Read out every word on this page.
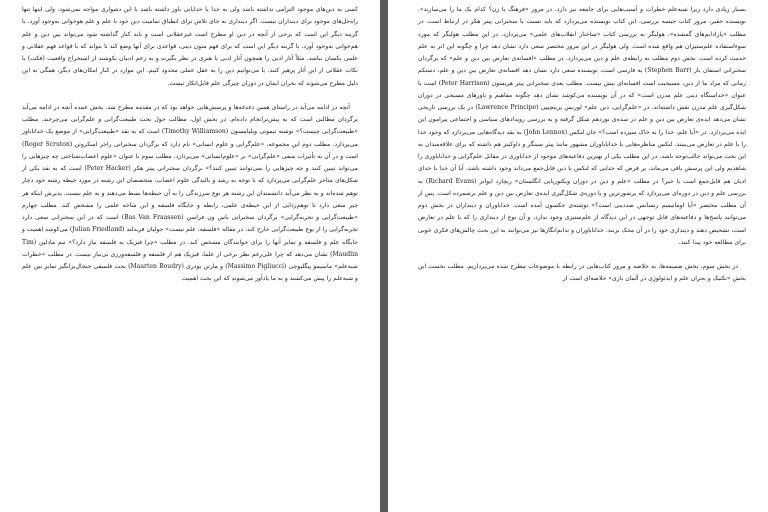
کسی به دین‌های موجود التزامی نداشته باشد ولی به خدا یا خدایانی باور داشته باشد با این دشواری مواجه نمی‌شود. ولی اینها تنها راه‌حل‌های موجود برای دینداران نیست. اگر دینداری به جای تلاش برای انطباق تمامیت دین خود با علم و علم هوخوانی به‌وجود آورد. با گزینه دیگر این است که برخی از آنچه در دین او مطرح است غیرعقلانی است و باید کنار گذاشته شود می‌تواند بین دین و علم هم‌خوانی به‌وجود آورد. با گزینه دیگر این است که برای فهم متون دینی، قواعدی برای آنها وضع کند تا بتواند که با قواعد فهم عقلانی و علمی یکسان نباشد. مثلاً آثار ادبی را همچون آثار ادبی یا هنری در نظر بگیرند و به زعم ادبیان بکوشند از استخراج واقعیت (فکت) یا نکات عقلانی از این آثار پرهیز کنند. یا می‌توانیم دین را به عقل عملی محدود کنیم. این موارد در کنار امکان‌های دیگر، همگی به این دلیل مطرح می‌شوند که بحران ایمان در دوران چیرگی علم قابل‌انکار نیست.

آنچه در ادامه می‌آید در راستای همین دغدغه‌ها و پرسش‌هایی خواهد بود که در مقدمه مطرح شد. بخش عمده آنچه در ادامه می‌آید برگردان مطالبی است که به پیش‌ترانجام داده‌ام. در بخش اول، مطالب حول بحث طبیعت‌گرایی و علم‌گرایی می‌چرخند. مطلب «طبیعت‌گرایی چیست؟» نوشته تیموتی ویلیامسون (Timothy Williamson) است که به نقد «طبیعت‌گرایی» از موضع یک خداناباور می‌پردازد. مطلب دوم این مجموعه، «علم‌گرایی و علوم انسانی» نام دارد که برگردان سخنرانی راجر اسکروتن (Roger Scruton) است و در آن به تأثیرات منفی «علم‌گرایی» بر «علوم‌انسانی» می‌پردازد. مطلب سوم با عنوان «علوم اعصاب‌شناختی چه چیزهایی را می‌تواند تبیین کنند و چه چیزهایی را نمی‌توانند تبیین کنند؟» برگردان سخنرانی پیتر هکر (Peter Hacker) است که به نقد یکی از شکل‌های متاخر علم‌گرایی می‌پردازد که با توجه به رشد و بالندگی علوم اعصاب، متخصصان این رشته در مورد حیطه رشته خود دچار توهم شده‌اند و به نظر می‌آید دانشمندان این رشته هر نوع سرزندگی را به آن حیطه‌ها بسط می‌دهند و به علم نیست. پذیرش اینکه هر چیز سعی دارد تا توهم‌زدایی از این حیطه‌ی علمی، رابطه و جایگاه فلسفه و این شاخه علمی را مشخص کند. مطلب چهارم «طبیعت‌گرایی و تجربه‌گرایی» برگردان سخنرانی باس ون فراسن (Bas Van Fraassen) است که در این سخنرانی سعی دارد تجربه‌گرایی را از یوغ طبیعت‌گرایی خارج کند. در مقاله «فلسفه، علم نیست» جولیان فریدلند (Julian Friedland) می‌کوشد اهمیت و جایگاه علم و فلسفه و تمایز آنها را برای خوانندگان مشخص کند. در مطلب «چرا فیزیک به فلسفه نیاز دارد؟» تیم مادلین (Tim Maudlin) نشان می‌دهد که چرا علی‌رغم نظر برخی از علما، فیزیک هم از فلسفه و فلسفه‌ورزی بی‌نیاز نیست. در مطلب «خطرات شبه‌علم» ماسیمو پیگلیوچی (Massimo Pigliucci) و مارتن بودری (Maarten Boudry) بحث فلسفی جنجال‌برانگیز تمایز بین علم و شبه‌علم را پیش می‌کشند و به ما یادآور می‌شوند که این بحث اهمیت

بسیار زیادی دارد زیرا شبه‌علم خطرات و آسیب‌هایی برای جامعه نیز دارد. در مرور «فرهنگ یا زن؟ کدام یک ما را می‌سازند». نویسنده حقیر، مرور کتاب جیسه بررسی، این کتاب نویسنده می‌پردازد که باید نسبت یا سخنرانی پیتر هکر در ارتباط است. در مطلب «پارادایم‌های گمشده»، هولیگر به بررسی کتاب «ساختار انقلاب‌های علمی» می‌پردازد. در این مطلب هولیگر که مورد سوءاستفاده علم‌ستیزان هم واقع شده است. ولی هولیگر در این مرور مختصر سعی دارد نشان دهد چرا و چگونه این اثر به علم خدمت کرده است. بخش دوم مطلب به رابطه‌ی علم و دین می‌پردازد. در مطلب «افسانه‌ی تعارض بین دین و علم» که برگردان سخنرانی استفان بار (Stephen Barr) به فارسی است، نویسنده سعی دارد نشان دهد افسانه‌ی تعارض بین دین و علم، دستکم زمانی که مراد ما از دین، مسیحیت است افسانه‌ای بیش نیست. مطلب بعدی سخنرانی پیتر هریسون (Peter Harrison) است با عنوان «خداسنگاه دینی علم مدرن است» که در آن نویسنده می‌کوشد نشان دهد چگونه مفاهیم و باورهای مسیحی در دوران شکل‌گیری علم مدرن نقش داشته‌اند. در «علم‌گرایی، دین علم» لورنس پرینچیپی (Lawrence Principe) در یک بررسی تاریخی نشان می‌دهد ایده‌ی تعارض بین دین و علم در سده‌ی نوزدهم شکل گرفته و به بررسی رویدادهای سیاسی و اجتماعی پیرامون این ایده می‌پردازد. در «آیا علم، خدا را به خاک سپرده است؟» جان لنکس (John Lennox) به نقد دیدگاه‌هایی می‌پردازد که وجود خدا را با علم در تعارض می‌بینند. لنکس مناظره‌هایی با خداناباوران مشهور مانند پیتر سینگر و داوکینز هم داشته که برای علاقه‌مندان به این بحث می‌تواند جالب‌توجه باشد. در این مطلب یکی از بهترین دفاعیه‌های موجود از خداباوری در مقابل علم‌گرایی و خداناباوری را شاهدیم ولی این پرسش باقی می‌ماند، بر فرض که خدایی که لنکس با دین قابل‌جمع می‌داند وجود داشته باشد، آیا آن خدا با خدای ادیان هم قابل‌جمع است یا خیر؟ در مطلب «علم و دین در دوران ویکتوریایی انگلستان» ریچارد ایوانز (Richard Evans) به بررسی علم و دین در دوره‌ای می‌پردازد که پرشورترین و یا دوره‌ی شکل‌گیری ایده‌ی تعارض بین دین و علم برشمرده است. پس از آن مطلب مختصر «آیا اومانیسم رنسانس ضددینی است؟» نوشته‌ی جکسون آمده است. خداباوران و دینداران در بخش دوم می‌توانند پاسخ‌ها و دفاعیه‌های قابل توجهی در این دیدگاه از علم‌ستیزی وجود ندارد، و آن نوع از دینداری را که با علم در تعارض است، تشخیص دهند و دینداری خود را در آن محک بزنند. خداناباوران و ندانم‌انگارها نیز می‌توانند به این بحث چالش‌های فکری خوبی برای مطالعه خود پیدا کنند.

در بخش سوم، بخش ضمیمه‌ها، به خلاصه و مرور کتاب‌هایی در رابطه با موضوعات مطرح شده می‌پردازیم. مطلب نخست این بخش «تکنیک و بحران علم و ایدئولوژی در آلمان نازی» خلاصه‌ای است از
